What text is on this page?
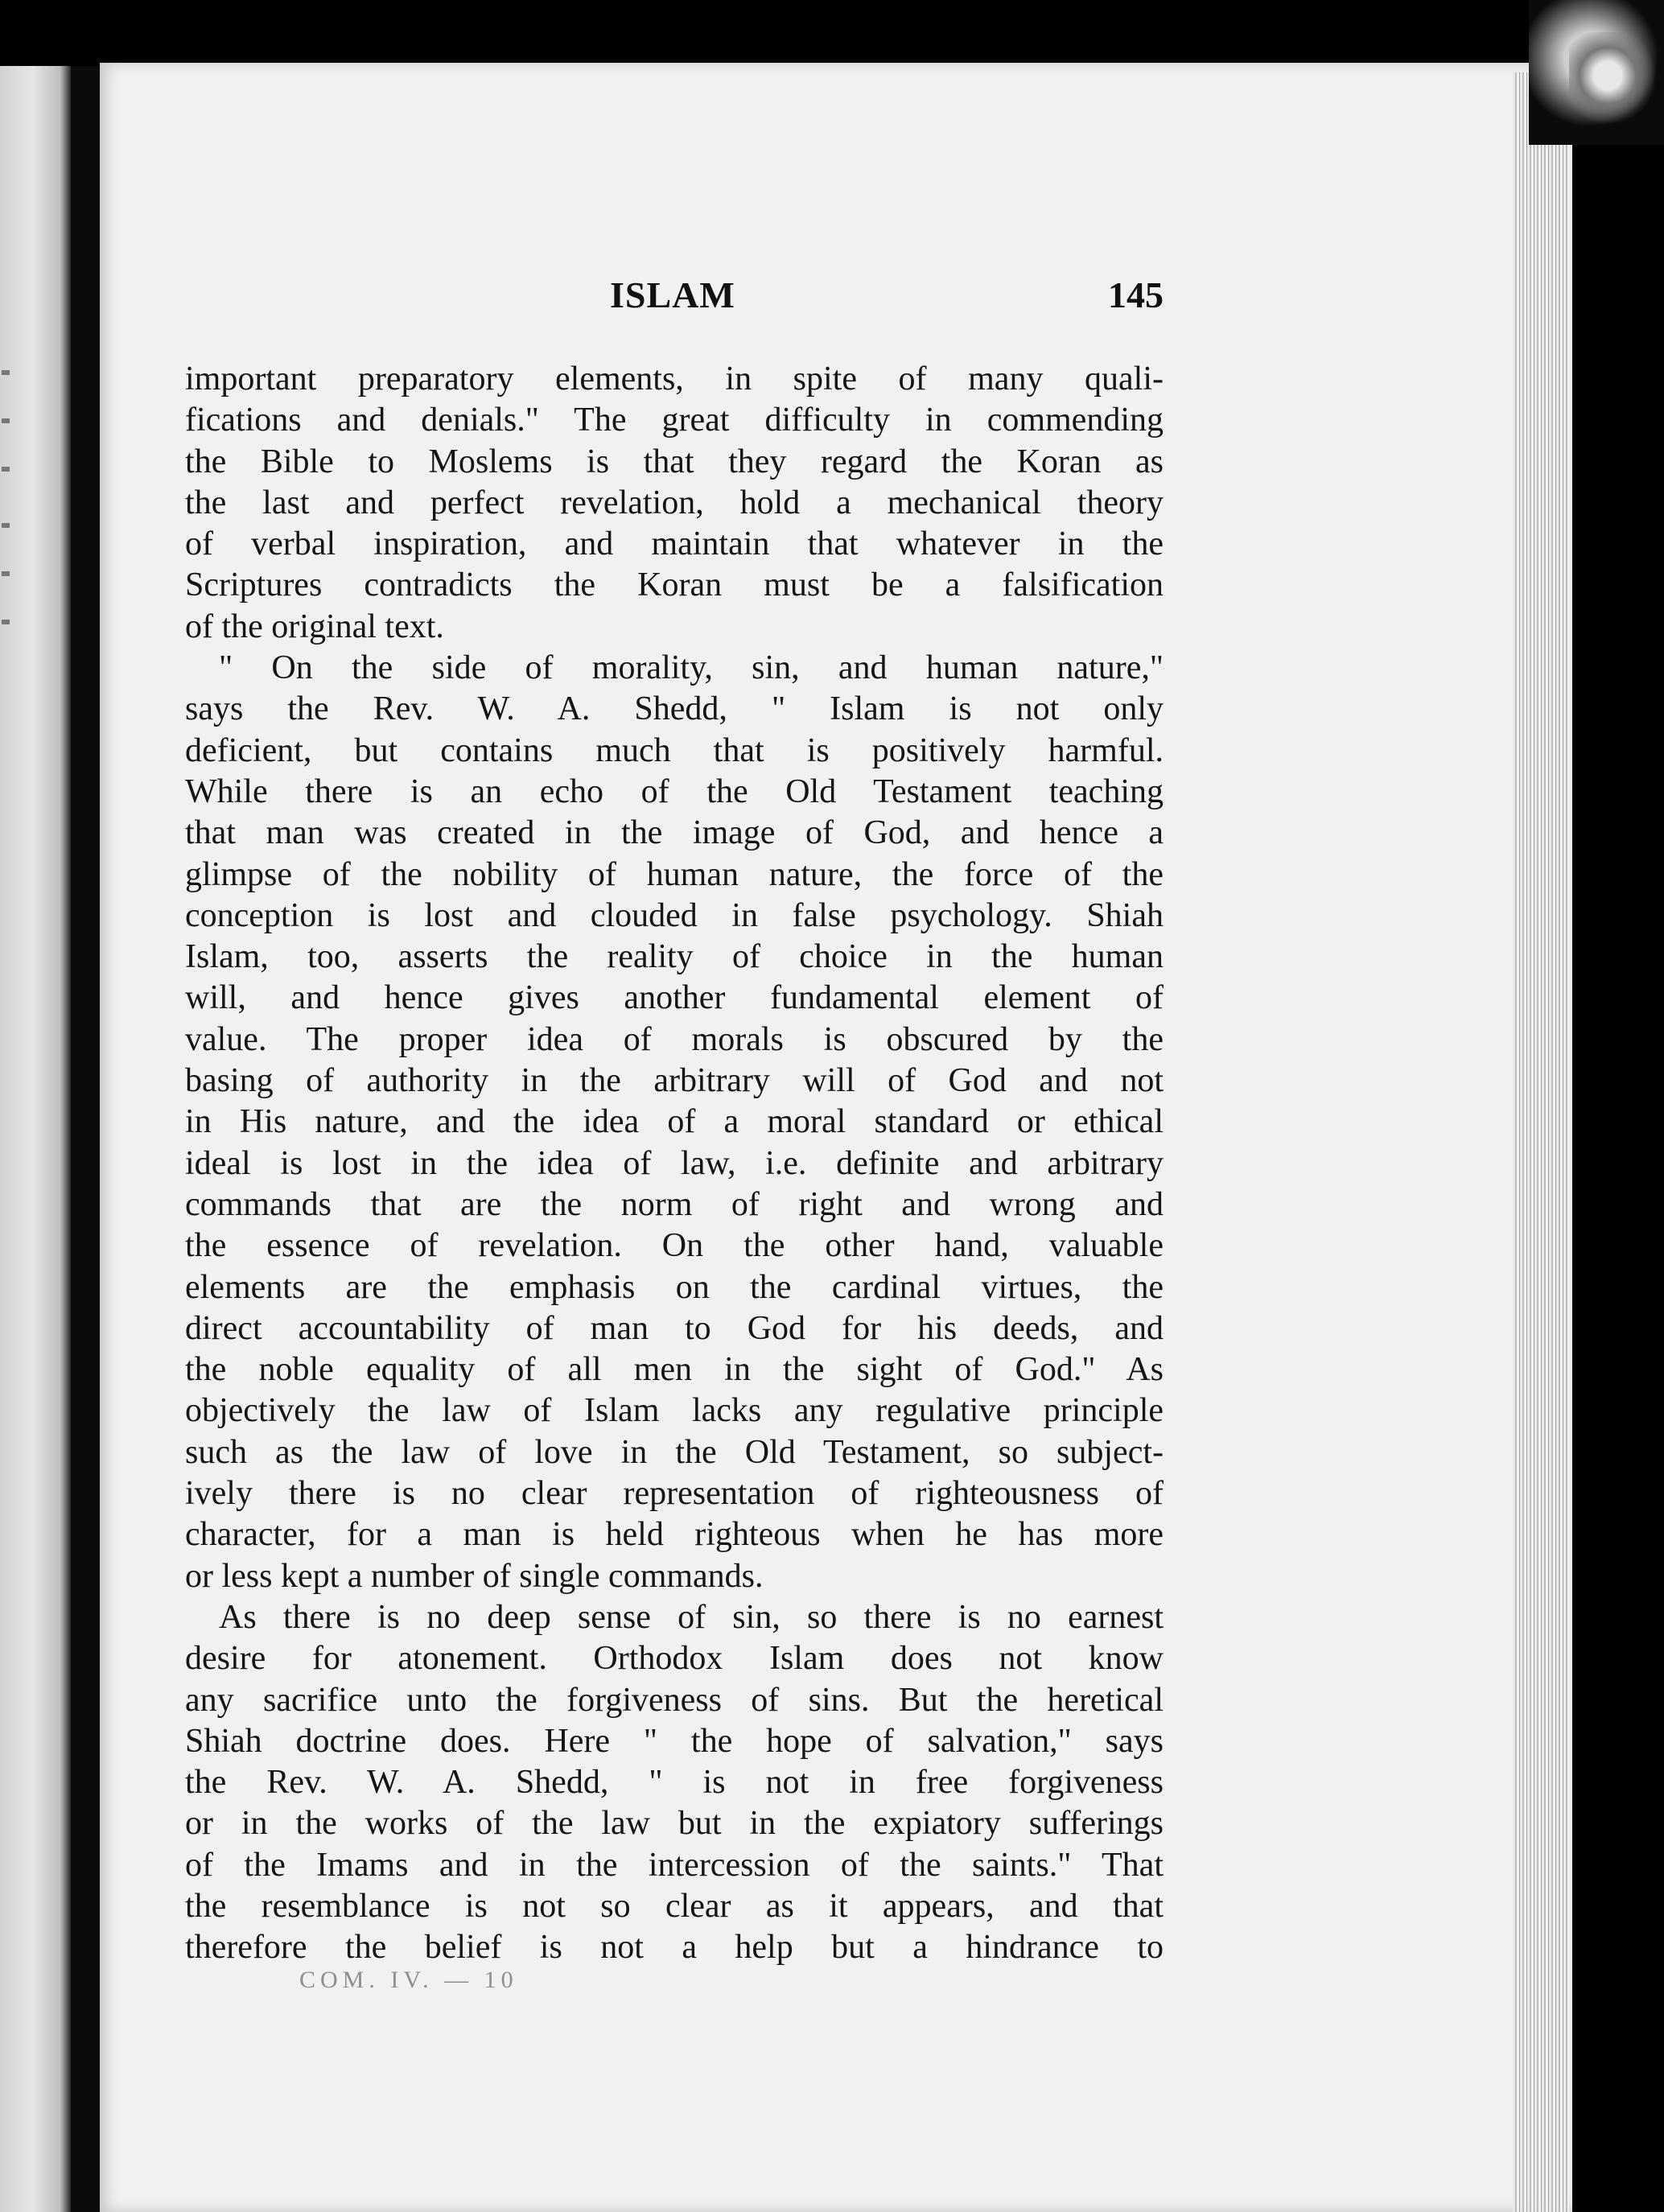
ISLAM	145
important preparatory elements, in spite of many quali-
fications and denials." The great difficulty in commending
the Bible to Moslems is that they regard the Koran as
the last and perfect revelation, hold a mechanical theory
of verbal inspiration, and maintain that whatever in the
Scriptures contradicts the Koran must be a falsification
of the original text.
" On the side of morality, sin, and human nature,"
says the Rev. W. A. Shedd, " Islam is not only
deficient, but contains much that is positively harmful.
While there is an echo of the Old Testament teaching
that man was created in the image of God, and hence a
glimpse of the nobility of human nature, the force of the
conception is lost and clouded in false psychology. Shiah
Islam, too, asserts the reality of choice in the human
will, and hence gives another fundamental element of
value. The proper idea of morals is obscured by the
basing of authority in the arbitrary will of God and not
in His nature, and the idea of a moral standard or ethical
ideal is lost in the idea of law, i.e. definite and arbitrary
commands that are the norm of right and wrong and
the essence of revelation. On the other hand, valuable
elements are the emphasis on the cardinal virtues, the
direct accountability of man to God for his deeds, and
the noble equality of all men in the sight of God." As
objectively the law of Islam lacks any regulative principle
such as the law of love in the Old Testament, so subject-
ively there is no clear representation of righteousness of
character, for a man is held righteous when he has more
or less kept a number of single commands.
As there is no deep sense of sin, so there is no earnest
desire for atonement. Orthodox Islam does not know
any sacrifice unto the forgiveness of sins. But the heretical
Shiah doctrine does. Here " the hope of salvation," says
the Rev. W. A. Shedd, " is not in free forgiveness
or in the works of the law but in the expiatory sufferings
of the Imams and in the intercession of the saints." That
the resemblance is not so clear as it appears, and that
therefore the belief is not a help but a hindrance to
COM. IV. — 10
